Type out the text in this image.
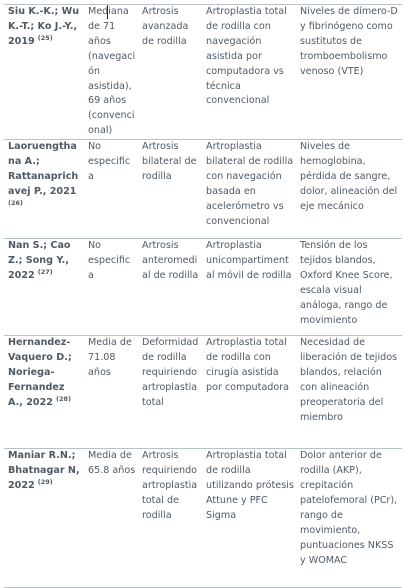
Siu K.-K.; Wu K.-T.; Ko J.-Y., 2019 $^{(25)}$	Mediana de 71 años (navegación asistida), 69 años (convencional)	Artrosis avanzada de rodilla	Artroplastia total de rodilla con navegación asistida por computadora vs técnica convencional	Niveles de dímero-D y fibrinógeno como sustitutos de tromboembolismo venoso (VTE)
Laoruengthana A.; Rattanaprichavej P., 2021 $^{(26)}$	No especifica	Artrosis bilateral de rodilla	Artroplastia bilateral de rodilla con navegación basada en acelerómetro vs convencional	Niveles de hemoglobina, pérdida de sangre, dolor, alineación del eje mecánico
Nan S.; Cao Z.; Song Y., 2022 $^{(27)}$	No especifica	Artrosis anteromedial de rodilla	Artroplastia unicompartimental móvil de rodilla	Tensión de los tejidos blandos, Oxford Knee Score, escala visual análoga, rango de movimiento
Hernandez-Vaquero D.; Noriega-Fernandez A., 2022 $^{(28)}$	Media de 71.08 años	Deformidad de rodilla requiriendo artroplastia total	Artroplastia total de rodilla con cirugía asistida por computadora	Necesidad de liberación de tejidos blandos, relación con alineación preoperatoria del miembro
Maniar R.N.; Bhatnagar N, 2022 $^{(29)}$	Media de 65.8 años	Artrosis requiriendo artroplastia total de rodilla	Artroplastia total de rodilla utilizando prótesis Attune y PFC Sigma	Dolor anterior de rodilla (AKP), crepitación patelofemoral (PCr), rango de movimiento, puntuaciones NKSS y WOMAC
